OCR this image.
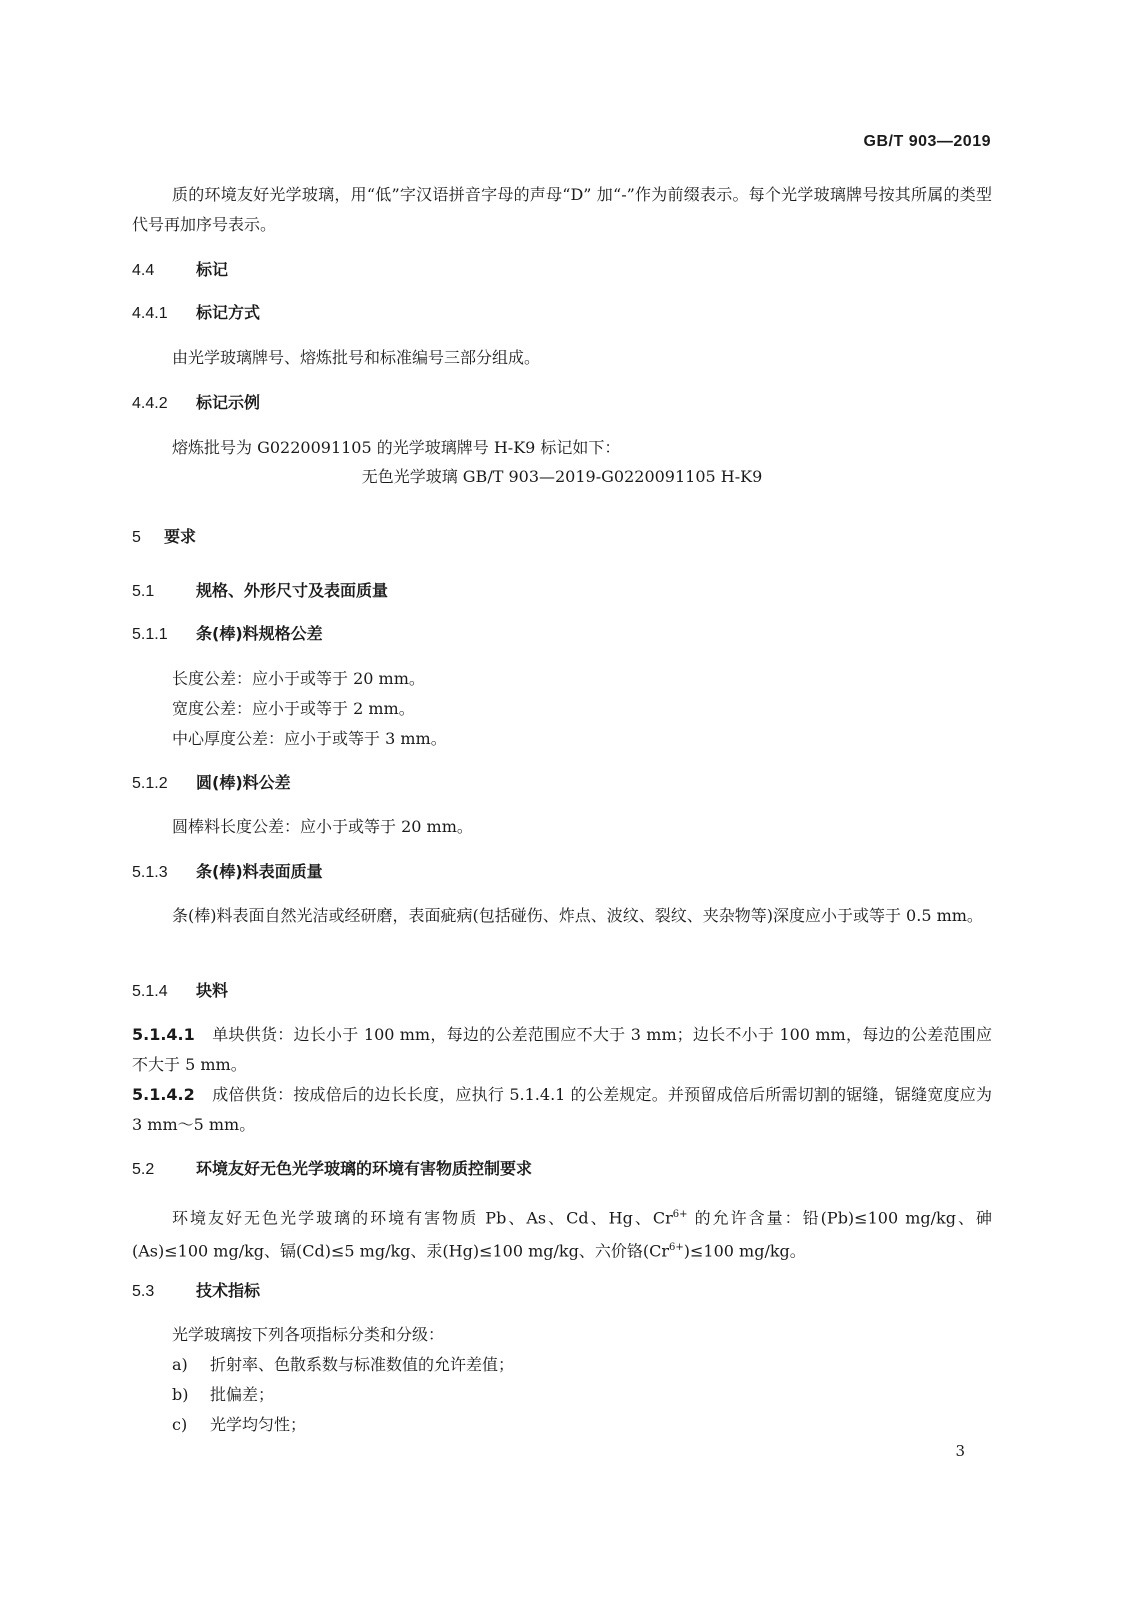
GB/T 903—2019
质的环境友好光学玻璃，用“低”字汉语拼音字母的声母“D” 加“-”作为前缀表示。每个光学玻璃牌号按其所属的类型代号再加序号表示。
4.4	标记
4.4.1 标记方式
由光学玻璃牌号、熔炼批号和标准编号三部分组成。
4.4.2 标记示例
熔炼批号为 G0220091105 的光学玻璃牌号 H-K9 标记如下：
无色光学玻璃 GB/T 903—2019-G0220091105 H-K9
5 要求
5.1	规格、外形尺寸及表面质量
5.1.1 条(棒)料规格公差
长度公差：应小于或等于 20 mm。
宽度公差：应小于或等于 2 mm。
中心厚度公差：应小于或等于 3 mm。
5.1.2 圆(棒)料公差
圆棒料长度公差：应小于或等于 20 mm。
5.1.3 条(棒)料表面质量
条(棒)料表面自然光洁或经研磨，表面疵病(包括碰伤、炸点、波纹、裂纹、夹杂物等)深度应小于或等于 0.5 mm。
5.1.4 块料
5.1.4.1 单块供货：边长小于 100 mm，每边的公差范围应不大于 3 mm；边长不小于 100 mm，每边的公差范围应不大于 5 mm。
5.1.4.2 成倍供货：按成倍后的边长长度，应执行 5.1.4.1 的公差规定。并预留成倍后所需切割的锯缝，锯缝宽度应为 3 mm～5 mm。
5.2	环境友好无色光学玻璃的环境有害物质控制要求
环境友好无色光学玻璃的环境有害物质 Pb、As、Cd、Hg、$Cr^{6+}$ 的允许含量：铅(Pb)≤100 mg/kg、砷(As)≤100 mg/kg、镉(Cd)≤5 mg/kg、汞(Hg)≤100 mg/kg、六价铬$(Cr^{6+})\le 100$ mg/kg。
5.3	技术指标
光学玻璃按下列各项指标分类和分级：
a) 折射率、色散系数与标准数值的允许差值；
b) 批偏差；
c) 光学均匀性；
3
